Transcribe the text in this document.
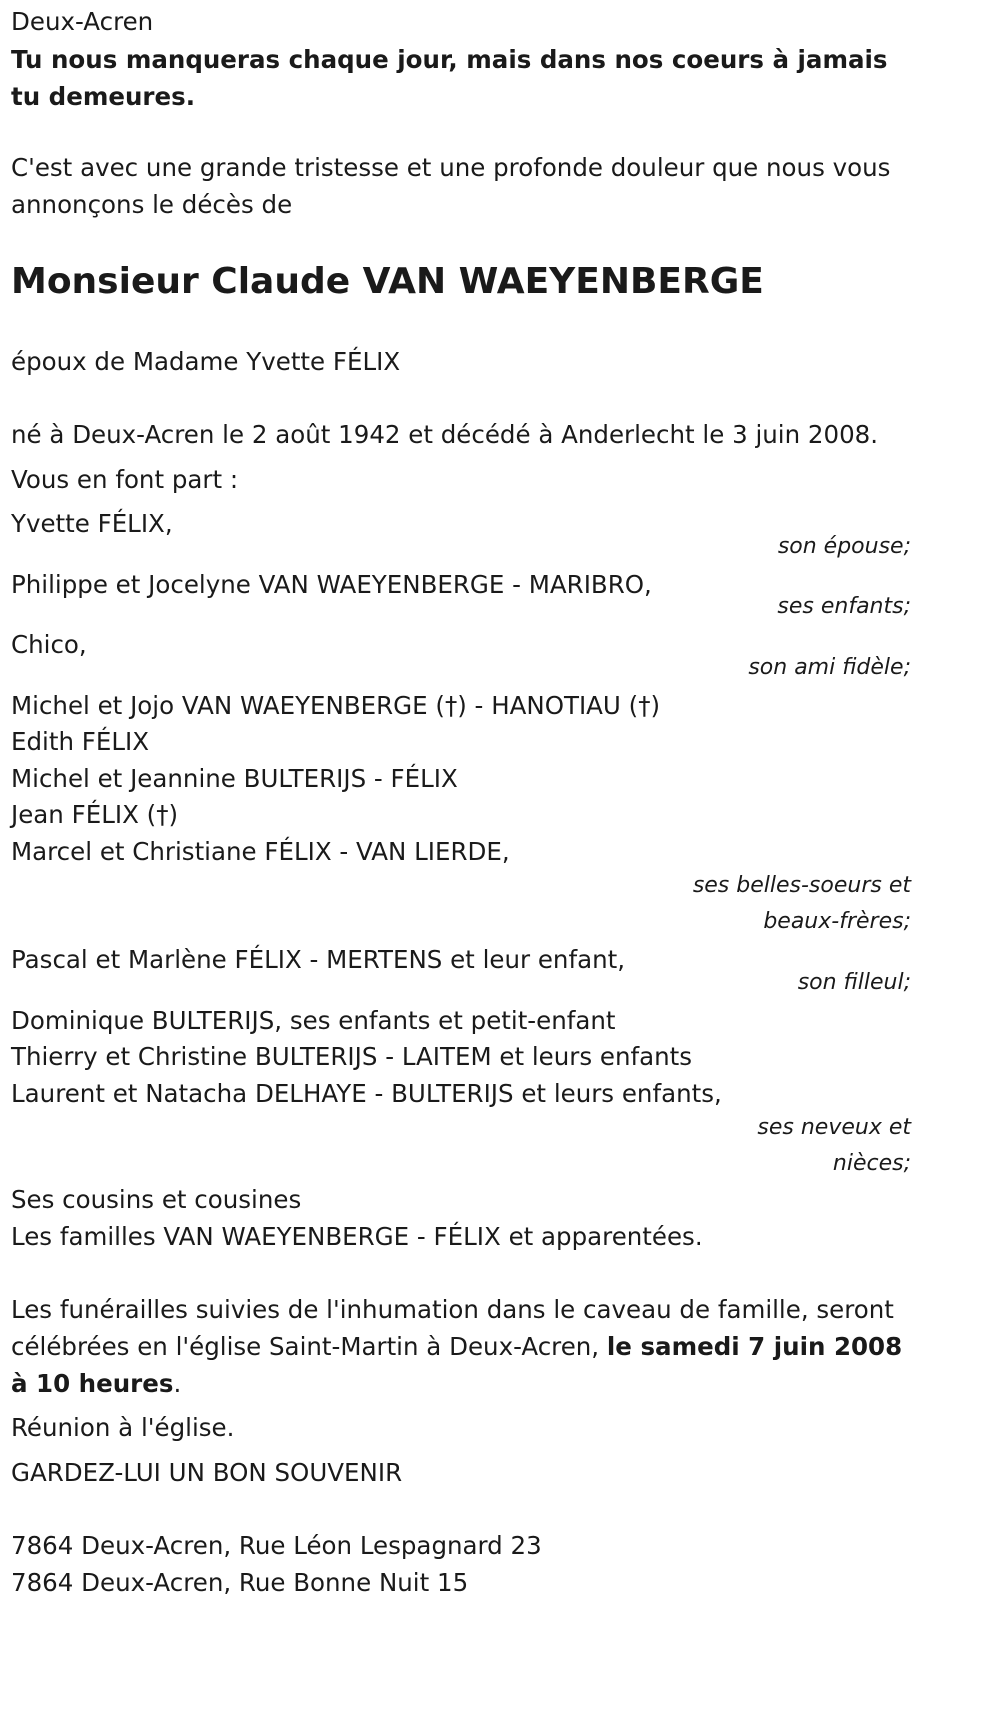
Deux-Acren
Tu nous manqueras chaque jour, mais dans nos coeurs à jamais tu demeures.
C'est avec une grande tristesse et une profonde douleur que nous vous annonçons le décès de
Monsieur Claude VAN WAEYENBERGE
époux de Madame Yvette FÉLIX
né à Deux-Acren le 2 août 1942 et décédé à Anderlecht le 3 juin 2008.
Vous en font part :
Yvette FÉLIX,
son épouse;
Philippe et Jocelyne VAN WAEYENBERGE - MARIBRO,
ses enfants;
Chico,
son ami fidèle;
Michel et Jojo VAN WAEYENBERGE (†) - HANOTIAU (†)
Edith FÉLIX
Michel et Jeannine BULTERIJS - FÉLIX
Jean FÉLIX (†)
Marcel et Christiane FÉLIX - VAN LIERDE,
ses belles-soeurs et
beaux-frères;
Pascal et Marlène FÉLIX - MERTENS et leur enfant,
son filleul;
Dominique BULTERIJS, ses enfants et petit-enfant
Thierry et Christine BULTERIJS - LAITEM et leurs enfants
Laurent et Natacha DELHAYE - BULTERIJS et leurs enfants,
ses neveux et
nièces;
Ses cousins et cousines
Les familles VAN WAEYENBERGE - FÉLIX et apparentées.
Les funérailles suivies de l'inhumation dans le caveau de famille, seront célébrées en l'église Saint-Martin à Deux-Acren, le samedi 7 juin 2008 à 10 heures.
Réunion à l'église.
GARDEZ-LUI UN BON SOUVENIR
7864 Deux-Acren, Rue Léon Lespagnard 23
7864 Deux-Acren, Rue Bonne Nuit 15
